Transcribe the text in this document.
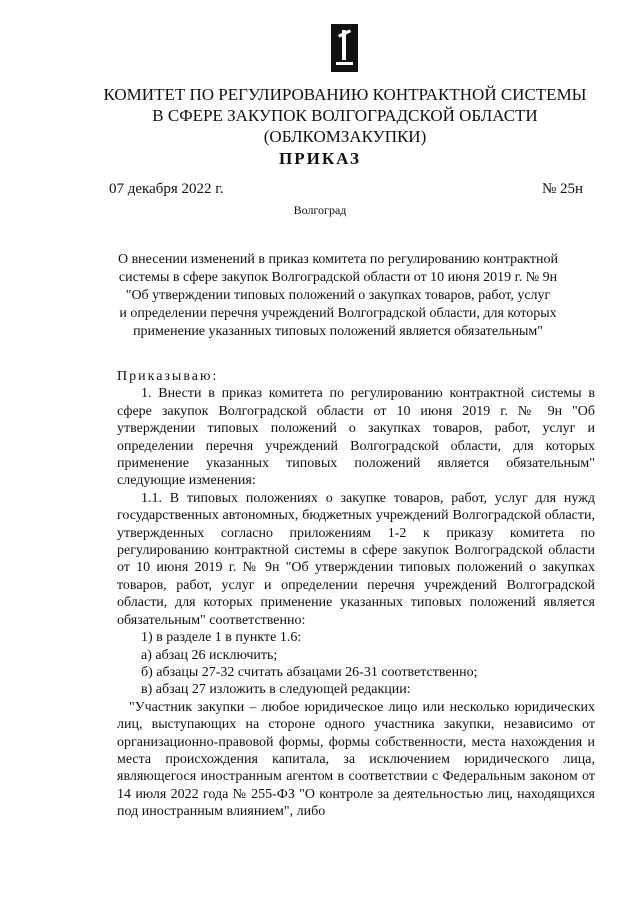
КОМИТЕТ ПО РЕГУЛИРОВАНИЮ КОНТРАКТНОЙ СИСТЕМЫ
В СФЕРЕ ЗАКУПОК ВОЛГОГРАДСКОЙ ОБЛАСТИ
(ОБЛКОМЗАКУПКИ)
ПРИКАЗ
07 декабря 2022 г.	№ 25н
Волгоград
О внесении изменений в приказ комитета по регулированию контрактной
системы в сфере закупок Волгоградской области от 10 июня 2019 г. № 9н
"Об утверждении типовых положений о закупках товаров, работ, услуг
и определении перечня учреждений Волгоградской области, для которых
применение указанных типовых положений является обязательным"

Приказываю:

1. Внести в приказ комитета по регулированию контрактной системы в сфере закупок Волгоградской области от 10 июня 2019 г. № 9н "Об утверждении типовых положений о закупках товаров, работ, услуг и определении перечня учреждений Волгоградской области, для которых применение указанных типовых положений является обязательным" следующие изменения:

1.1. В типовых положениях о закупке товаров, работ, услуг для нужд государственных автономных, бюджетных учреждений Волгоградской области, утвержденных согласно приложениям 1-2 к приказу комитета по регулированию контрактной системы в сфере закупок Волгоградской области от 10 июня 2019 г. № 9н "Об утверждении типовых положений о закупках товаров, работ, услуг и определении перечня учреждений Волгоградской области, для которых применение указанных типовых положений является обязательным" соответственно:

1) в разделе 1 в пункте 1.6:

а) абзац 26 исключить;

б) абзацы 27-32 считать абзацами 26-31 соответственно;

в) абзац 27 изложить в следующей редакции:

"Участник закупки – любое юридическое лицо или несколько юридических лиц, выступающих на стороне одного участника закупки, независимо от организационно-правовой формы, формы собственности, места нахождения и места происхождения капитала, за исключением юридического лица, являющегося иностранным агентом в соответствии с Федеральным законом от 14 июля 2022 года № 255-ФЗ "О контроле за деятельностью лиц, находящихся под иностранным влиянием", либо
